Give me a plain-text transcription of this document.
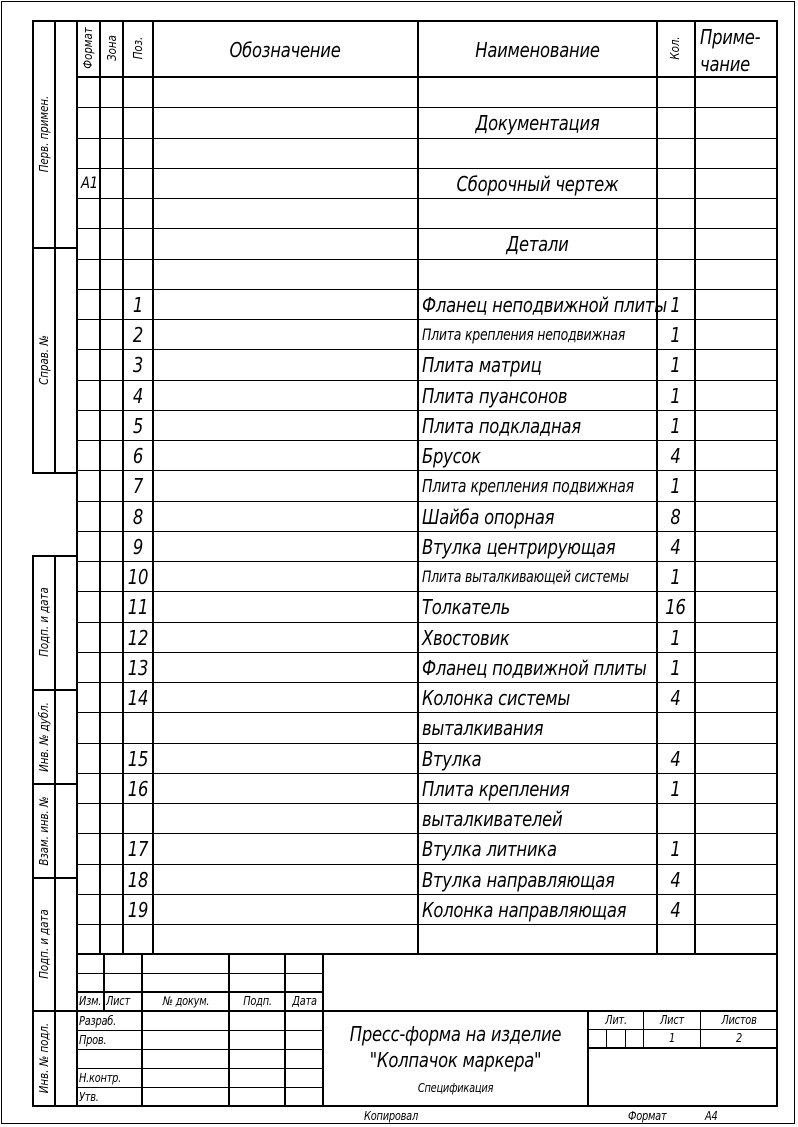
Формат Зона Поз.	Обозначение	Наименование	Кол. Приме-
чание
Документация
A1	Сборочный чертеж
Детали
1	Фланец неподвижной плиты 1
2	Плита крепления неподвижная	1
3	Плита матриц	1
4	Плита пуансонов	1
5	Плита подкладная	1
6	Брусок	4
7	Плита крепления подвижная	1
8	Шайба опорная	8
9	Втулка центрирующая	4
10	Плита выталкивающей системы	1
11	Толкатель	16
12	Хвостовик	1
13	Фланец подвижной плиты	1
14	Колонка системы	4
выталкивания
15	Втулка	4
16	Плита крепления	1
выталкивателей
17	Втулка литника	1
18	Втулка направляющая	4
19	Колонка направляющая	4
Перв. примен.
Справ. №
Подп. и дата
Инв. № дубл.
Взам. инв. №
Подп. и дата
Инв. № подл.
Изм. Лист	№ докум.	Подп.	Дата
Разраб.
Пров.
Н.контр.
Утв.
Пресс-форма на изделие
"Колпачок маркера"
Спецификация
Лит.	Лист	Листов
1	2
Копировал	Формат	A4
